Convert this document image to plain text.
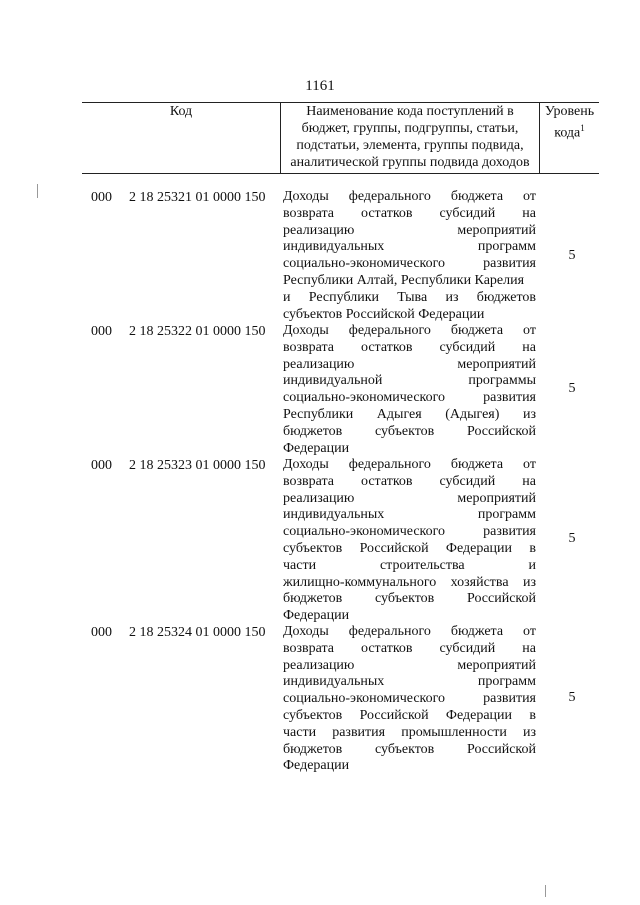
1161
Код	Наименование кода поступлений в
бюджет, группы, подгруппы, статьи,
подстатьи, элемента, группы подвида,
аналитической группы подвида доходов
Уровень
кода$^1$
000 2 18 25321 01 0000 150 Доходы федерального бюджета от
возврата остатков субсидий на
реализацию мероприятий
индивидуальных программ
социально-экономического развития
Республики Алтай, Республики Карелия
и Республики Тыва из бюджетов
субъектов Российской Федерации
5
000 2 18 25322 01 0000 150 Доходы федерального бюджета от
возврата остатков субсидий на
реализацию мероприятий
индивидуальной программы
социально-экономического развития
Республики Адыгея (Адыгея) из
бюджетов субъектов Российской
Федерации
5
000 2 18 25323 01 0000 150 Доходы федерального бюджета от
возврата остатков субсидий на
реализацию мероприятий
индивидуальных программ
социально-экономического развития
субъектов Российской Федерации в
части строительства и
жилищно-коммунального хозяйства из
бюджетов субъектов Российской
Федерации
5
000 2 18 25324 01 0000 150 Доходы федерального бюджета от
возврата остатков субсидий на
реализацию мероприятий
индивидуальных программ
социально-экономического развития
субъектов Российской Федерации в
части развития промышленности из
бюджетов субъектов Российской
Федерации
5
